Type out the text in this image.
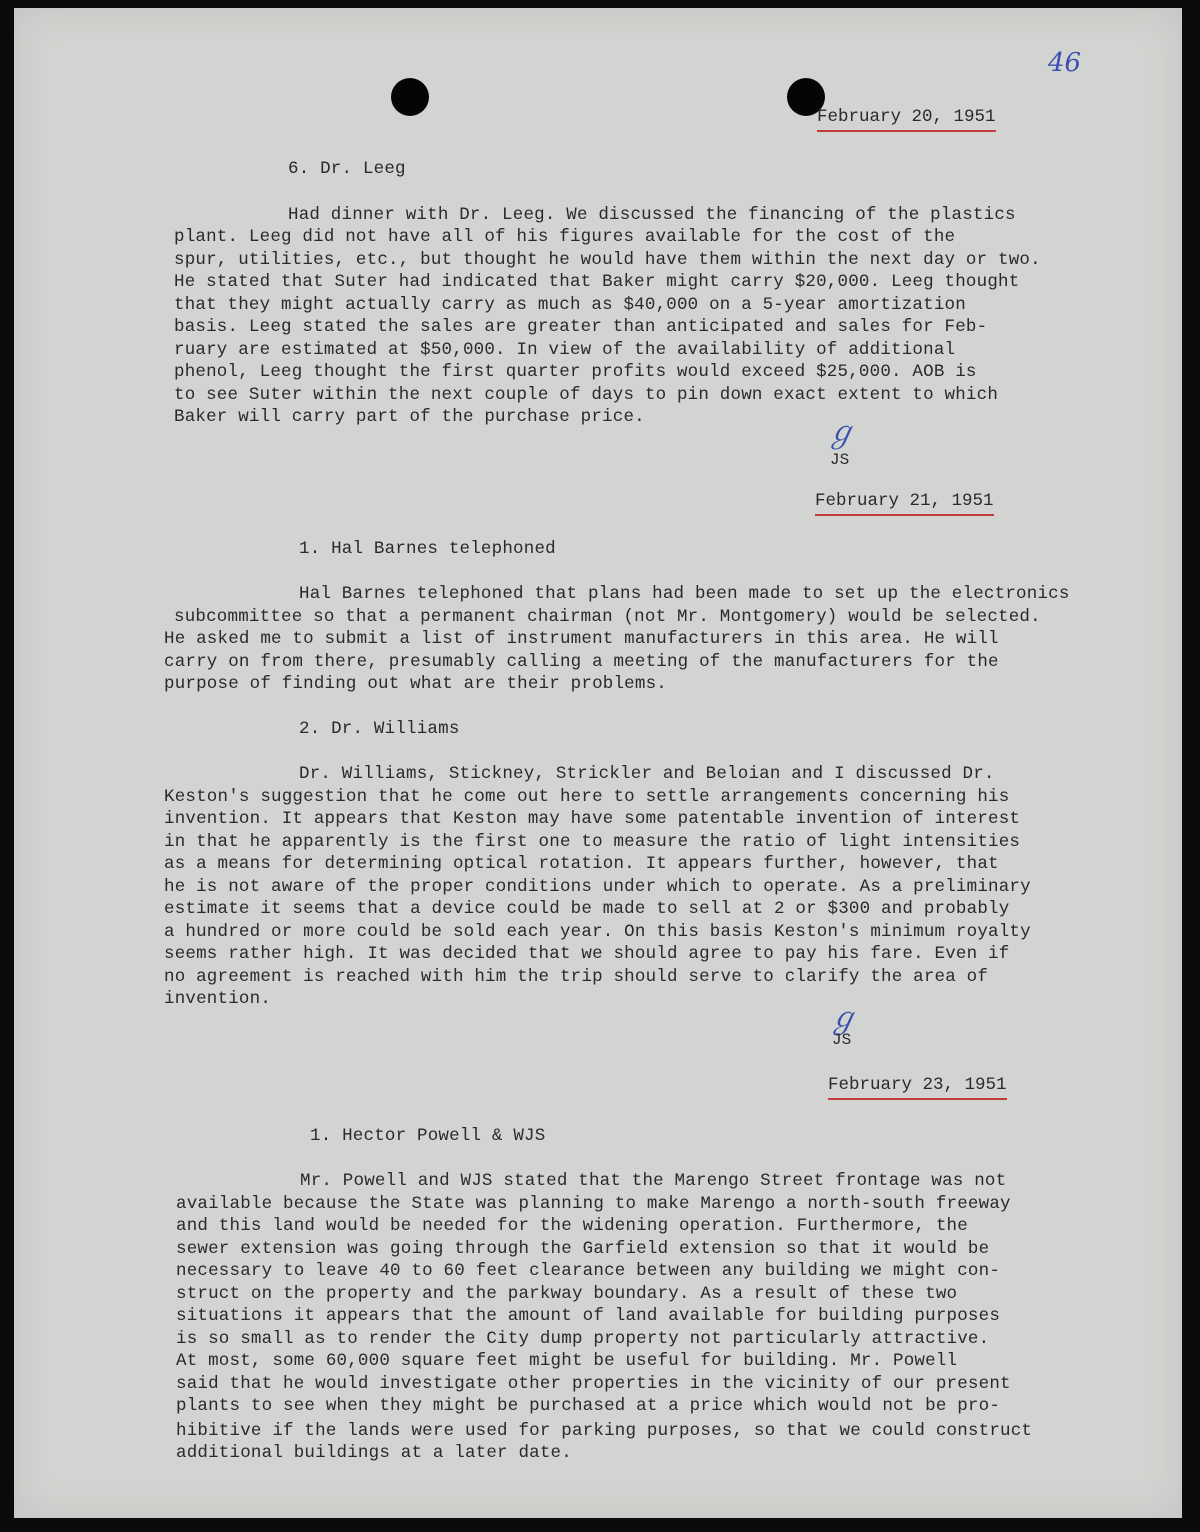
46
February 20, 1951
6. Dr. Leeg
Had dinner with Dr. Leeg. We discussed the financing of the plastics
plant. Leeg did not have all of his figures available for the cost of the
spur, utilities, etc., but thought he would have them within the next day or two.
He stated that Suter had indicated that Baker might carry $20,000. Leeg thought
that they might actually carry as much as $40,000 on a 5-year amortization
basis. Leeg stated the sales are greater than anticipated and sales for Feb-
ruary are estimated at $50,000. In view of the availability of additional
phenol, Leeg thought the first quarter profits would exceed $25,000. AOB is
to see Suter within the next couple of days to pin down exact extent to which
Baker will carry part of the purchase price.	ℊ
JS
February 21, 1951
1. Hal Barnes telephoned
Hal Barnes telephoned that plans had been made to set up the electronics
subcommittee so that a permanent chairman (not Mr. Montgomery) would be selected.
He asked me to submit a list of instrument manufacturers in this area. He will
carry on from there, presumably calling a meeting of the manufacturers for the
purpose of finding out what are their problems.
2. Dr. Williams
Dr. Williams, Stickney, Strickler and Beloian and I discussed Dr.
Keston's suggestion that he come out here to settle arrangements concerning his
invention. It appears that Keston may have some patentable invention of interest
in that he apparently is the first one to measure the ratio of light intensities
as a means for determining optical rotation. It appears further, however, that
he is not aware of the proper conditions under which to operate. As a preliminary
estimate it seems that a device could be made to sell at 2 or $300 and probably
a hundred or more could be sold each year. On this basis Keston's minimum royalty
seems rather high. It was decided that we should agree to pay his fare. Even if
no agreement is reached with him the trip should serve to clarify the area of
invention.
ℊ
JS
February 23, 1951
1. Hector Powell & WJS
Mr. Powell and WJS stated that the Marengo Street frontage was not
available because the State was planning to make Marengo a north-south freeway
and this land would be needed for the widening operation. Furthermore, the
sewer extension was going through the Garfield extension so that it would be
necessary to leave 40 to 60 feet clearance between any building we might con-
struct on the property and the parkway boundary. As a result of these two
situations it appears that the amount of land available for building purposes
is so small as to render the City dump property not particularly attractive.
At most, some 60,000 square feet might be useful for building. Mr. Powell
said that he would investigate other properties in the vicinity of our present
plants to see when they might be purchased at a price which would not be pro-
hibitive if the lands were used for parking purposes, so that we could construct
additional buildings at a later date.
